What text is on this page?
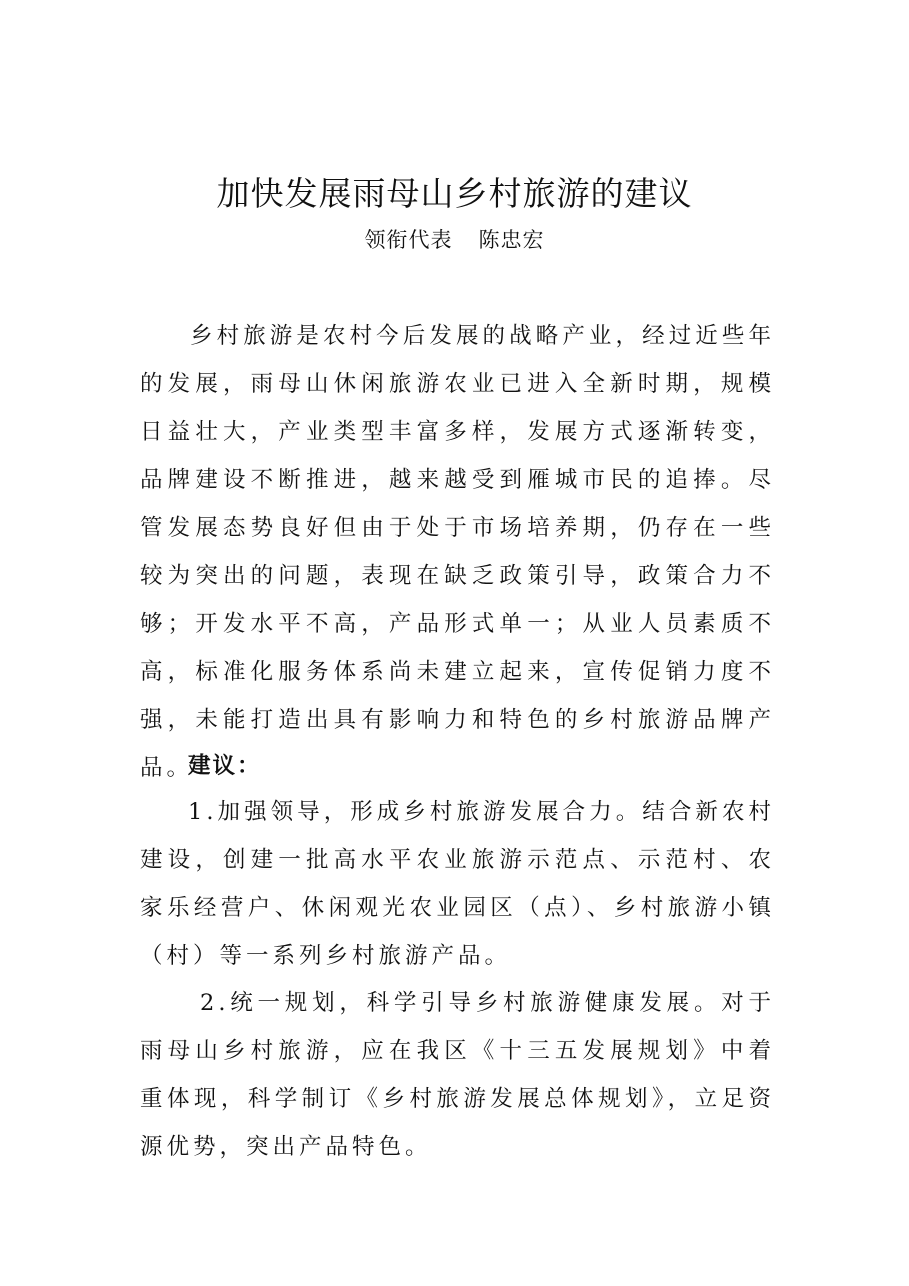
加快发展雨母山乡村旅游的建议
领衔代表 陈忠宏

乡村旅游是农村今后发展的战略产业，经过近些年的发展，雨母山休闲旅游农业已进入全新时期，规模日益壮大，产业类型丰富多样，发展方式逐渐转变，品牌建设不断推进，越来越受到雁城市民的追捧。尽管发展态势良好但由于处于市场培养期，仍存在一些较为突出的问题，表现在缺乏政策引导，政策合力不够；开发水平不高，产品形式单一；从业人员素质不高，标准化服务体系尚未建立起来，宣传促销力度不强，未能打造出具有影响力和特色的乡村旅游品牌产品。

建议：

1.加强领导，形成乡村旅游发展合力。结合新农村建设，创建一批高水平农业旅游示范点、示范村、农家乐经营户、休闲观光农业园区（点）、乡村旅游小镇（村）等一系列乡村旅游产品。

2.统一规划，科学引导乡村旅游健康发展。对于雨母山乡村旅游，应在我区《十三五发展规划》中着重体现，科学制订《乡村旅游发展总体规划》，立足资源优势，突出产品特色。
